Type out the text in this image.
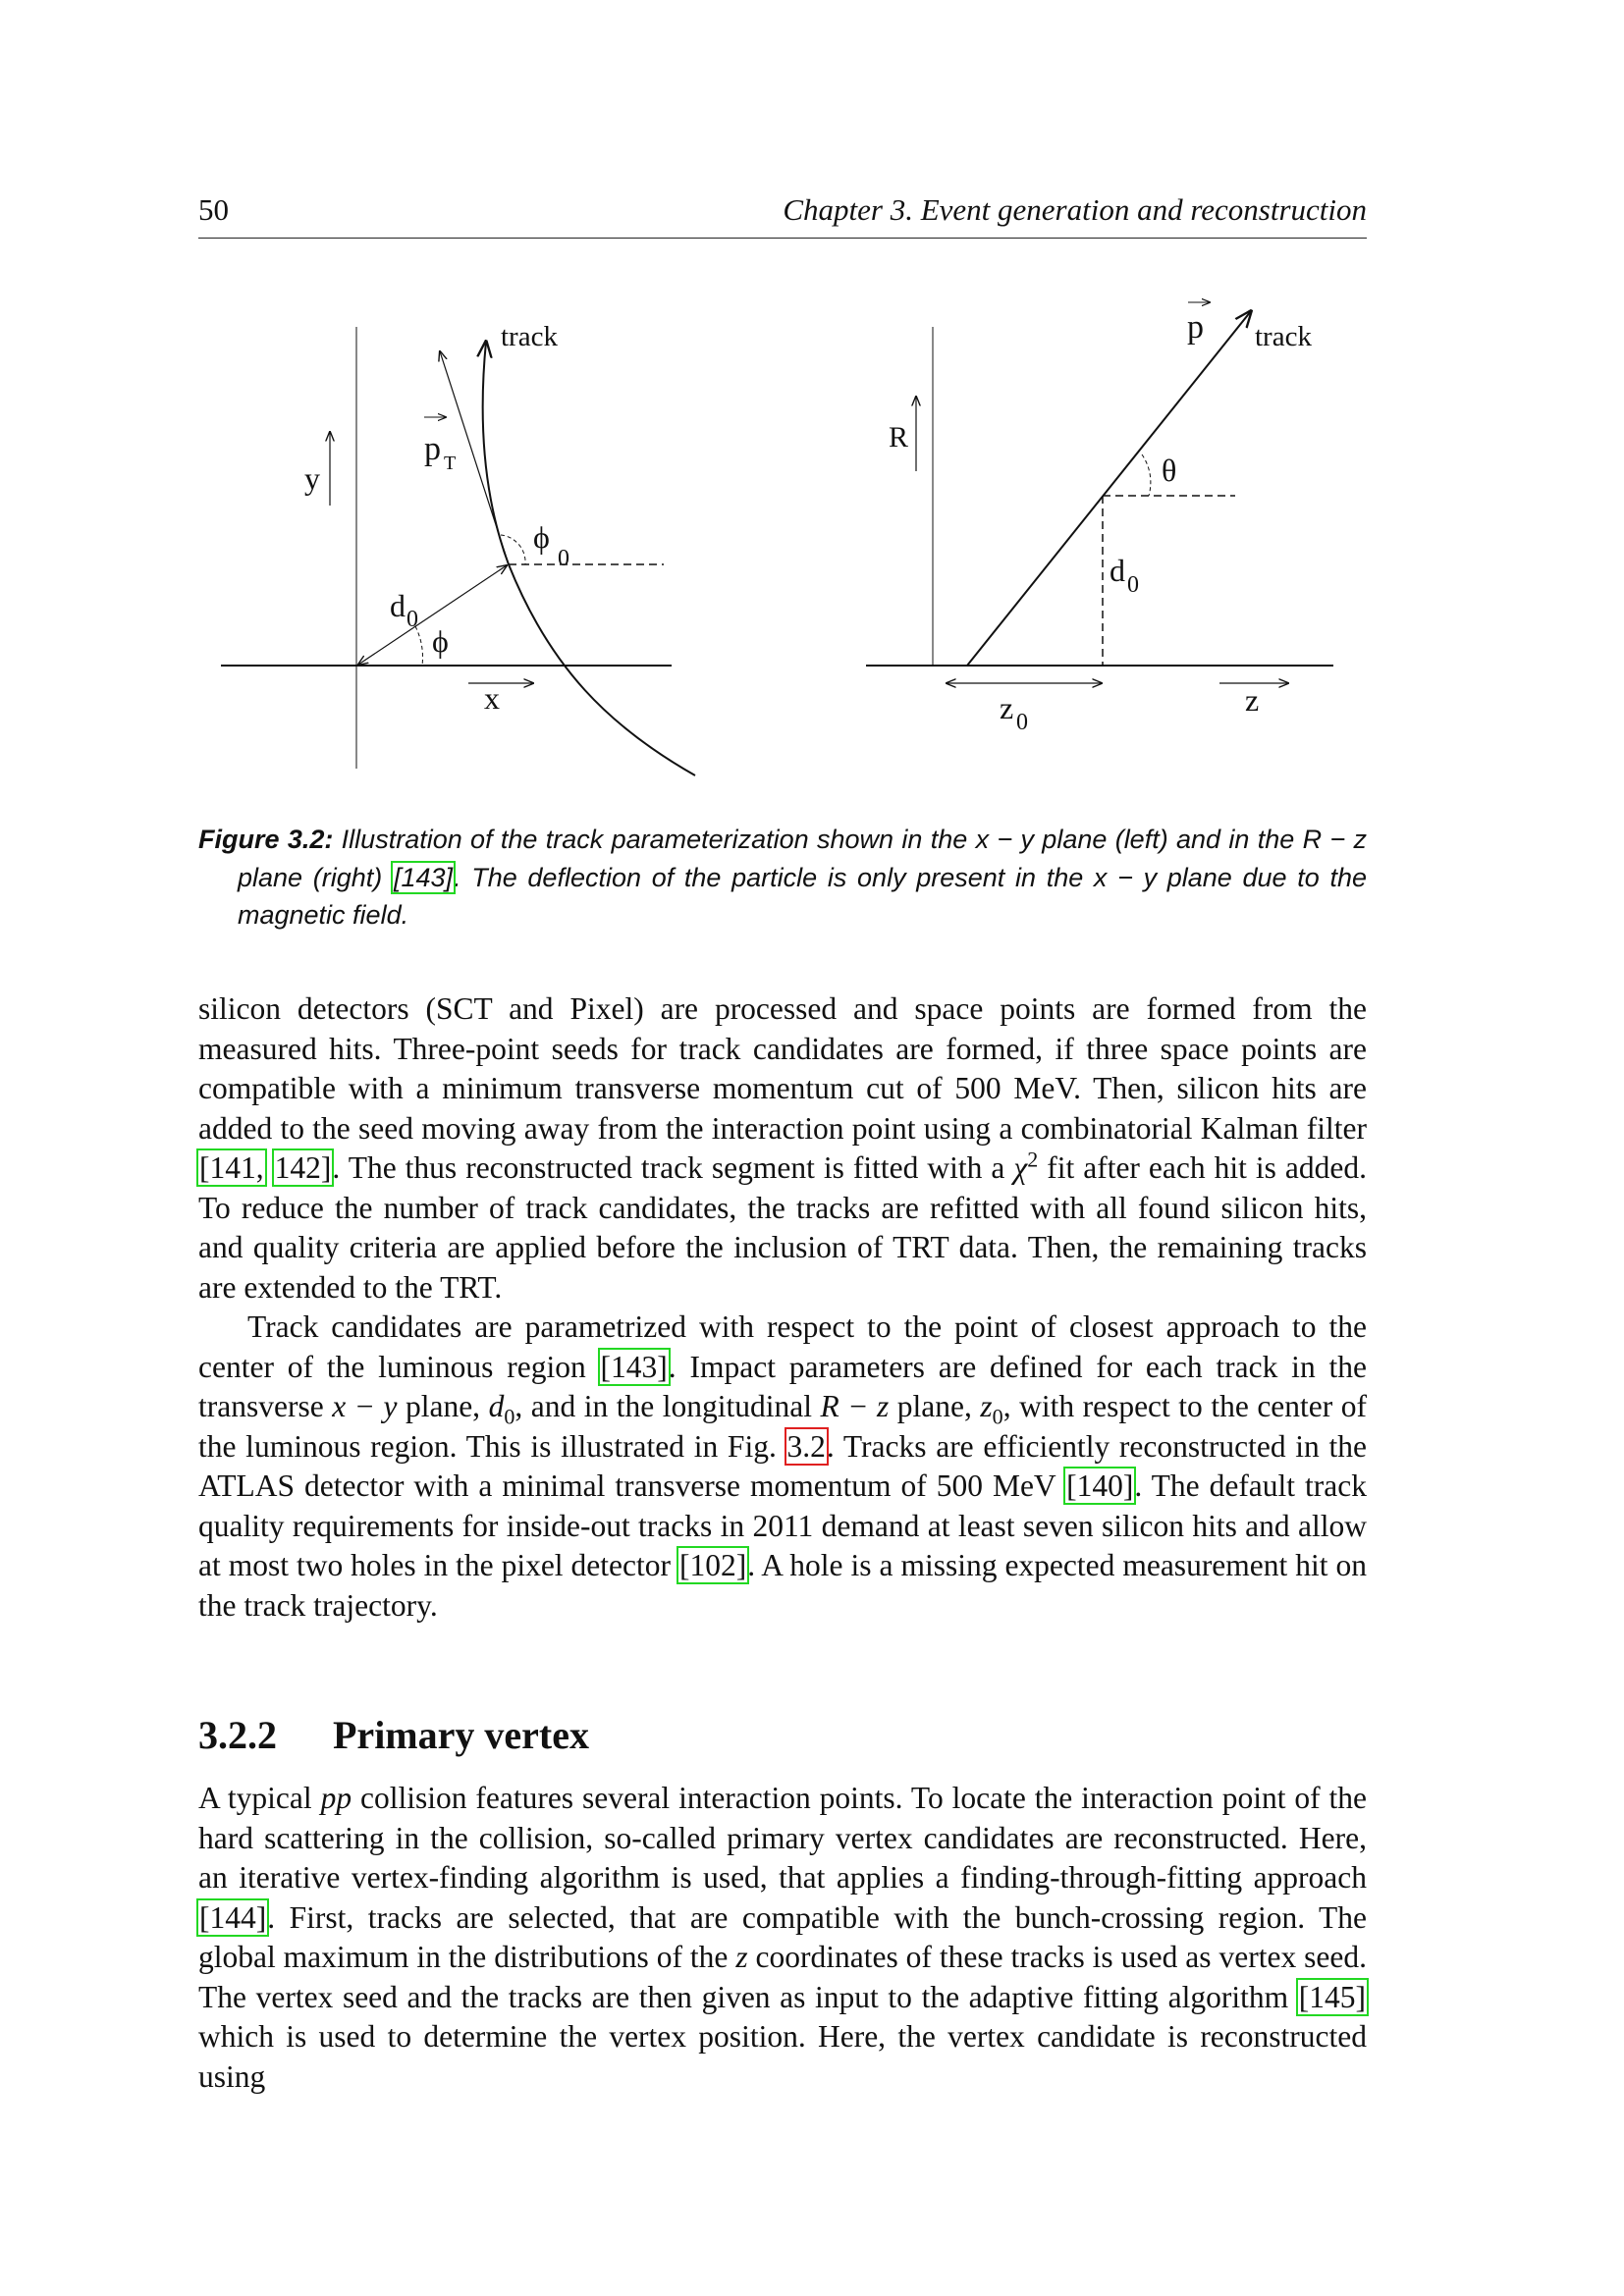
50	Chapter 3. Event generation and reconstruction
track
p T
y
ϕ
0
d 0
ϕ
x
p track
R
θ
d 0
z 0
z
Figure 3.2: Illustration of the track parameterization shown in the x − y plane (left) and in the R − z plane (right) [143]. The deflection of the particle is only present in the x − y plane due to the magnetic field.

silicon detectors (SCT and Pixel) are processed and space points are formed from the measured hits. Three-point seeds for track candidates are formed, if three space points are compatible with a minimum transverse momentum cut of 500 MeV. Then, silicon hits are added to the seed moving away from the interaction point using a combinatorial Kalman filter [141, 142]. The thus reconstructed track segment is fitted with a $\chi^2$ fit after each hit is added. To reduce the number of track candidates, the tracks are refitted with all found silicon hits, and quality criteria are applied before the inclusion of TRT data. Then, the remaining tracks are extended to the TRT.

Track candidates are parametrized with respect to the point of closest approach to the center of the luminous region [143]. Impact parameters are defined for each track in the transverse x − y plane, $d_0$, and in the longitudinal R − z plane, $z_0$, with respect to the center of the luminous region. This is illustrated in Fig. 3.2. Tracks are efficiently reconstructed in the ATLAS detector with a minimal transverse momentum of 500 MeV [140]. The default track quality requirements for inside-out tracks in 2011 demand at least seven silicon hits and allow at most two holes in the pixel detector [102]. A hole is a missing expected measurement hit on the track trajectory.

3.2.2 Primary vertex

A typical pp collision features several interaction points. To locate the interaction point of the hard scattering in the collision, so-called primary vertex candidates are reconstructed. Here, an iterative vertex-finding algorithm is used, that applies a finding-through-fitting approach [144]. First, tracks are selected, that are compatible with the bunch-crossing region. The global maximum in the distributions of the z coordinates of these tracks is used as vertex seed. The vertex seed and the tracks are then given as input to the adaptive fitting algorithm [145] which is used to determine the vertex position. Here, the vertex candidate is reconstructed using
